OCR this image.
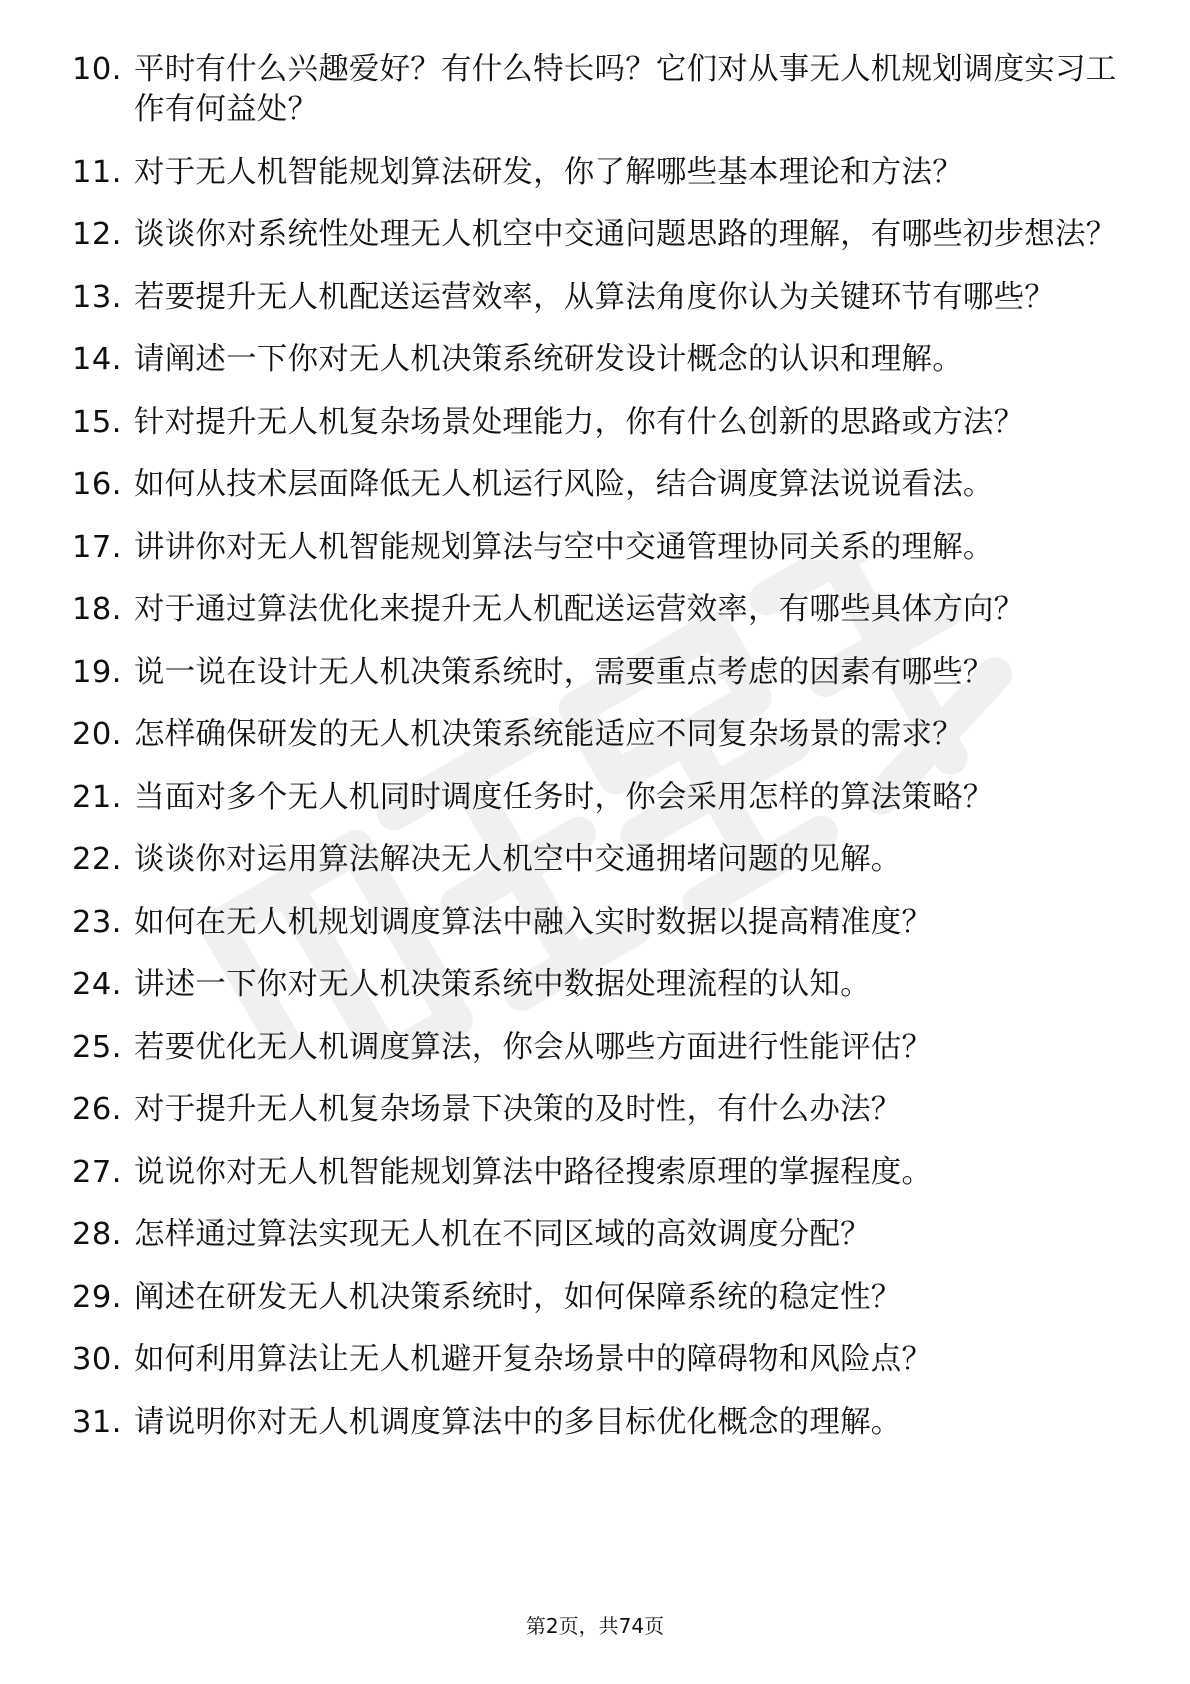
10. 平时有什么兴趣爱好？有什么特长吗？它们对从事无人机规划调度实习工作有何益处？
11. 对于无人机智能规划算法研发，你了解哪些基本理论和方法？
12. 谈谈你对系统性处理无人机空中交通问题思路的理解，有哪些初步想法？
13. 若要提升无人机配送运营效率，从算法角度你认为关键环节有哪些？
14. 请阐述一下你对无人机决策系统研发设计概念的认识和理解。
15. 针对提升无人机复杂场景处理能力，你有什么创新的思路或方法？
16. 如何从技术层面降低无人机运行风险，结合调度算法说说看法。
17. 讲讲你对无人机智能规划算法与空中交通管理协同关系的理解。
18. 对于通过算法优化来提升无人机配送运营效率，有哪些具体方向？
19. 说一说在设计无人机决策系统时，需要重点考虑的因素有哪些？
20. 怎样确保研发的无人机决策系统能适应不同复杂场景的需求？
21. 当面对多个无人机同时调度任务时，你会采用怎样的算法策略？
22. 谈谈你对运用算法解决无人机空中交通拥堵问题的见解。
23. 如何在无人机规划调度算法中融入实时数据以提高精准度？
24. 讲述一下你对无人机决策系统中数据处理流程的认知。
25. 若要优化无人机调度算法，你会从哪些方面进行性能评估？
26. 对于提升无人机复杂场景下决策的及时性，有什么办法？
27. 说说你对无人机智能规划算法中路径搜索原理的掌握程度。
28. 怎样通过算法实现无人机在不同区域的高效调度分配？
29. 阐述在研发无人机决策系统时，如何保障系统的稳定性？
30. 如何利用算法让无人机避开复杂场景中的障碍物和风险点？
31. 请说明你对无人机调度算法中的多目标优化概念的理解。
第2页，共74页
